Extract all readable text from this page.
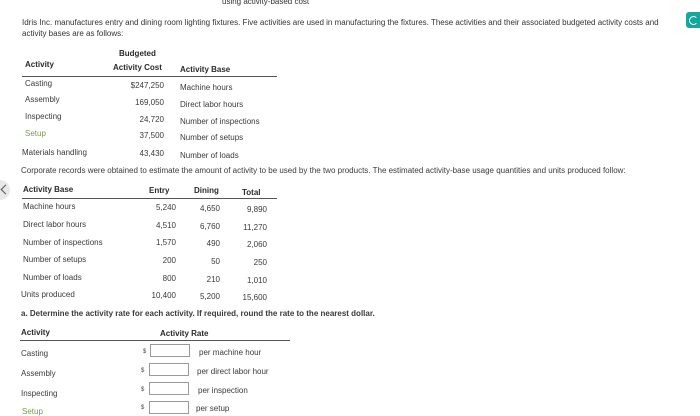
using activity-based cost
Idris Inc. manufactures entry and dining room lighting fixtures. Five activities are used in manufacturing the fixtures. These activities and their associated budgeted activity costs and activity bases are as follows:
Budgeted
Activity	Activity Cost Activity Base
Casting	$247,250 Machine hours
Assembly	169,050 Direct labor hours
Inspecting	24,720 Number of inspections
Setup	37,500 Number of setups
Materials handling	43,430 Number of loads
Corporate records were obtained to estimate the amount of activity to be used by the two products. The estimated activity-base usage quantities and units produced follow:
Activity Base	Entry	Dining	Total
Machine hours	5,240	4,650	9,890
Direct labor hours	4,510	6,760	11,270
Number of inspections	1,570	490	2,060
Number of setups	200	50	250
Number of loads	800	210	1,010
Units produced	10,400	5,200	15,600
a. Determine the activity rate for each activity. If required, round the rate to the nearest dollar.
Activity	Activity Rate
Casting	$	per machine hour
Assembly	$	per direct labor hour
Inspecting	$	per inspection
Setup	$	per setup
